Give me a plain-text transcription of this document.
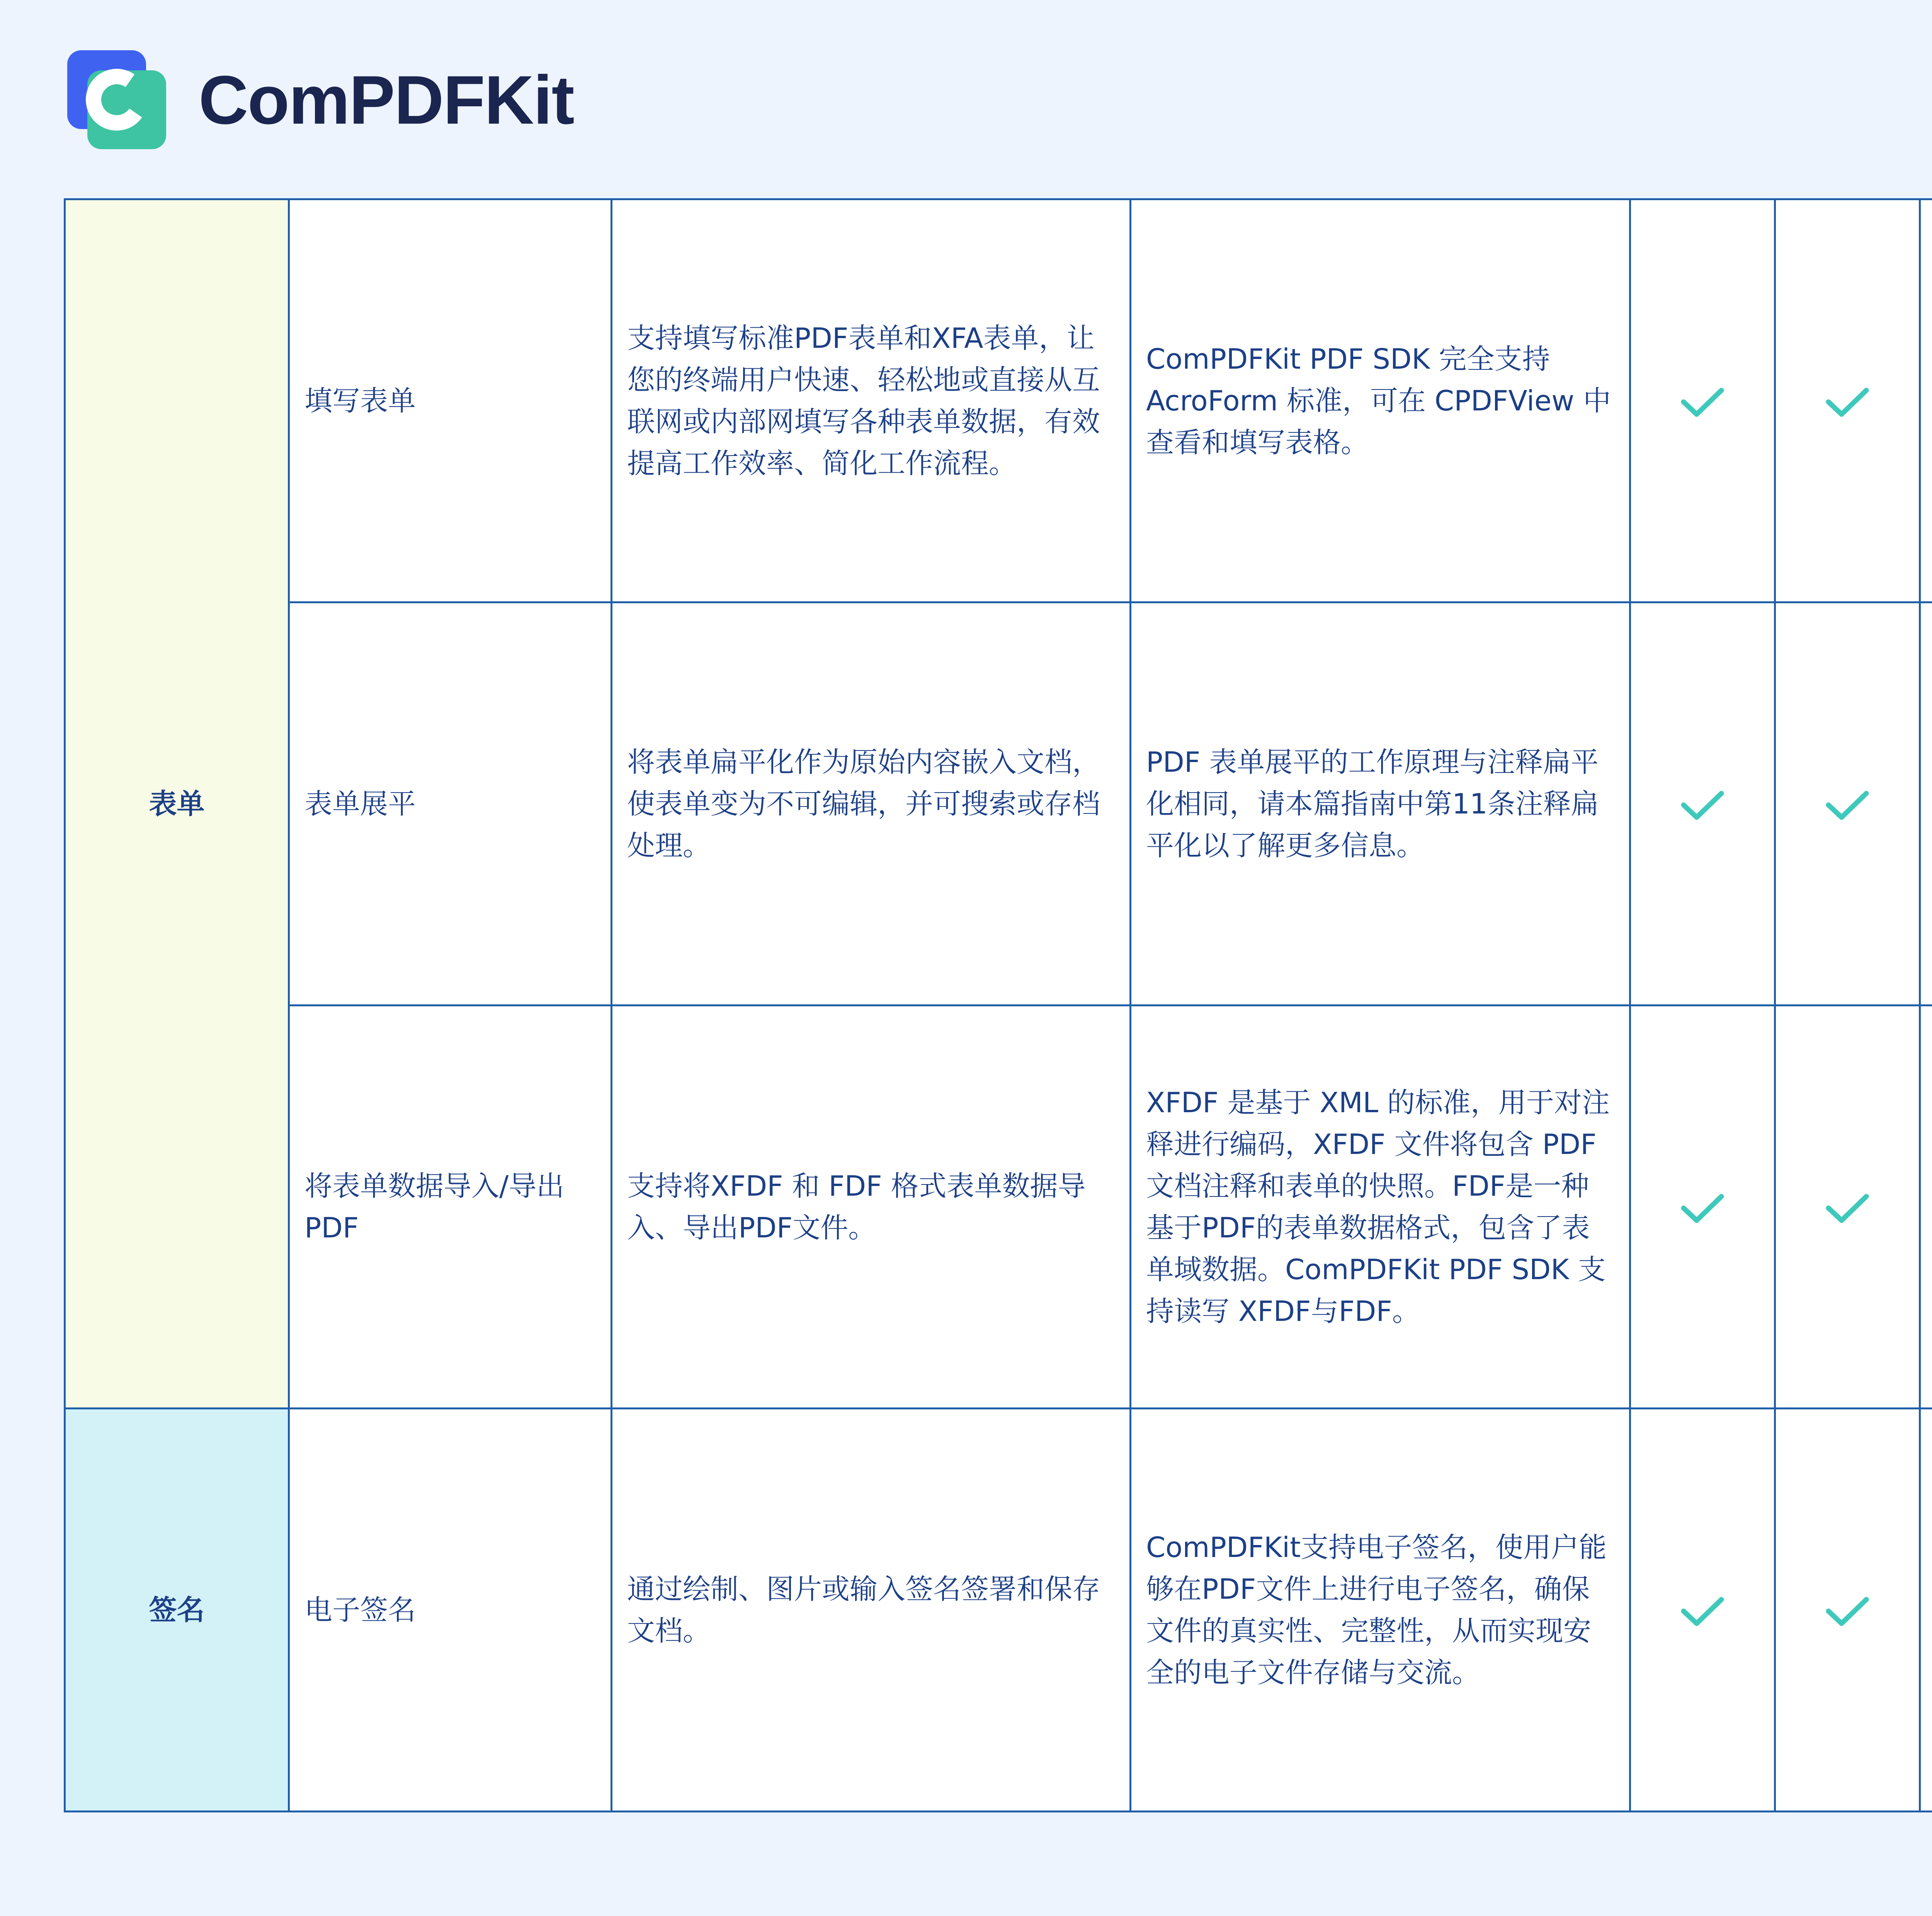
ComPDFKit
表单	填写表单	支持填写标准PDF表单和XFA表单，让您的终端用户快速、轻松地或直接从互联网或内部网填写各种表单数据，有效提高工作效率、简化工作流程。	ComPDFKit PDF SDK 完全支持 AcroForm 标准，可在 CPDFView 中查看和填写表格。							
	表单展平	将表单扁平化作为原始内容嵌入文档，使表单变为不可编辑，并可搜索或存档处理。	PDF 表单展平的工作原理与注释扁平化相同，请本篇指南中第11条注释扁平化以了解更多信息。							
	将表单数据导入/导出PDF	支持将XFDF 和 FDF 格式表单数据导入、导出PDF文件。	XFDF 是基于 XML 的标准，用于对注释进行编码，XFDF 文件将包含 PDF 文档注释和表单的快照。FDF是一种基于PDF的表单数据格式，包含了表单域数据。ComPDFKit PDF SDK 支持读写 XFDF与FDF。							
签名	电子签名	通过绘制、图片或输入签名签署和保存文档。	ComPDFKit支持电子签名，使用户能够在PDF文件上进行电子签名，确保文件的真实性、完整性，从而实现安全的电子文件存储与交流。							
